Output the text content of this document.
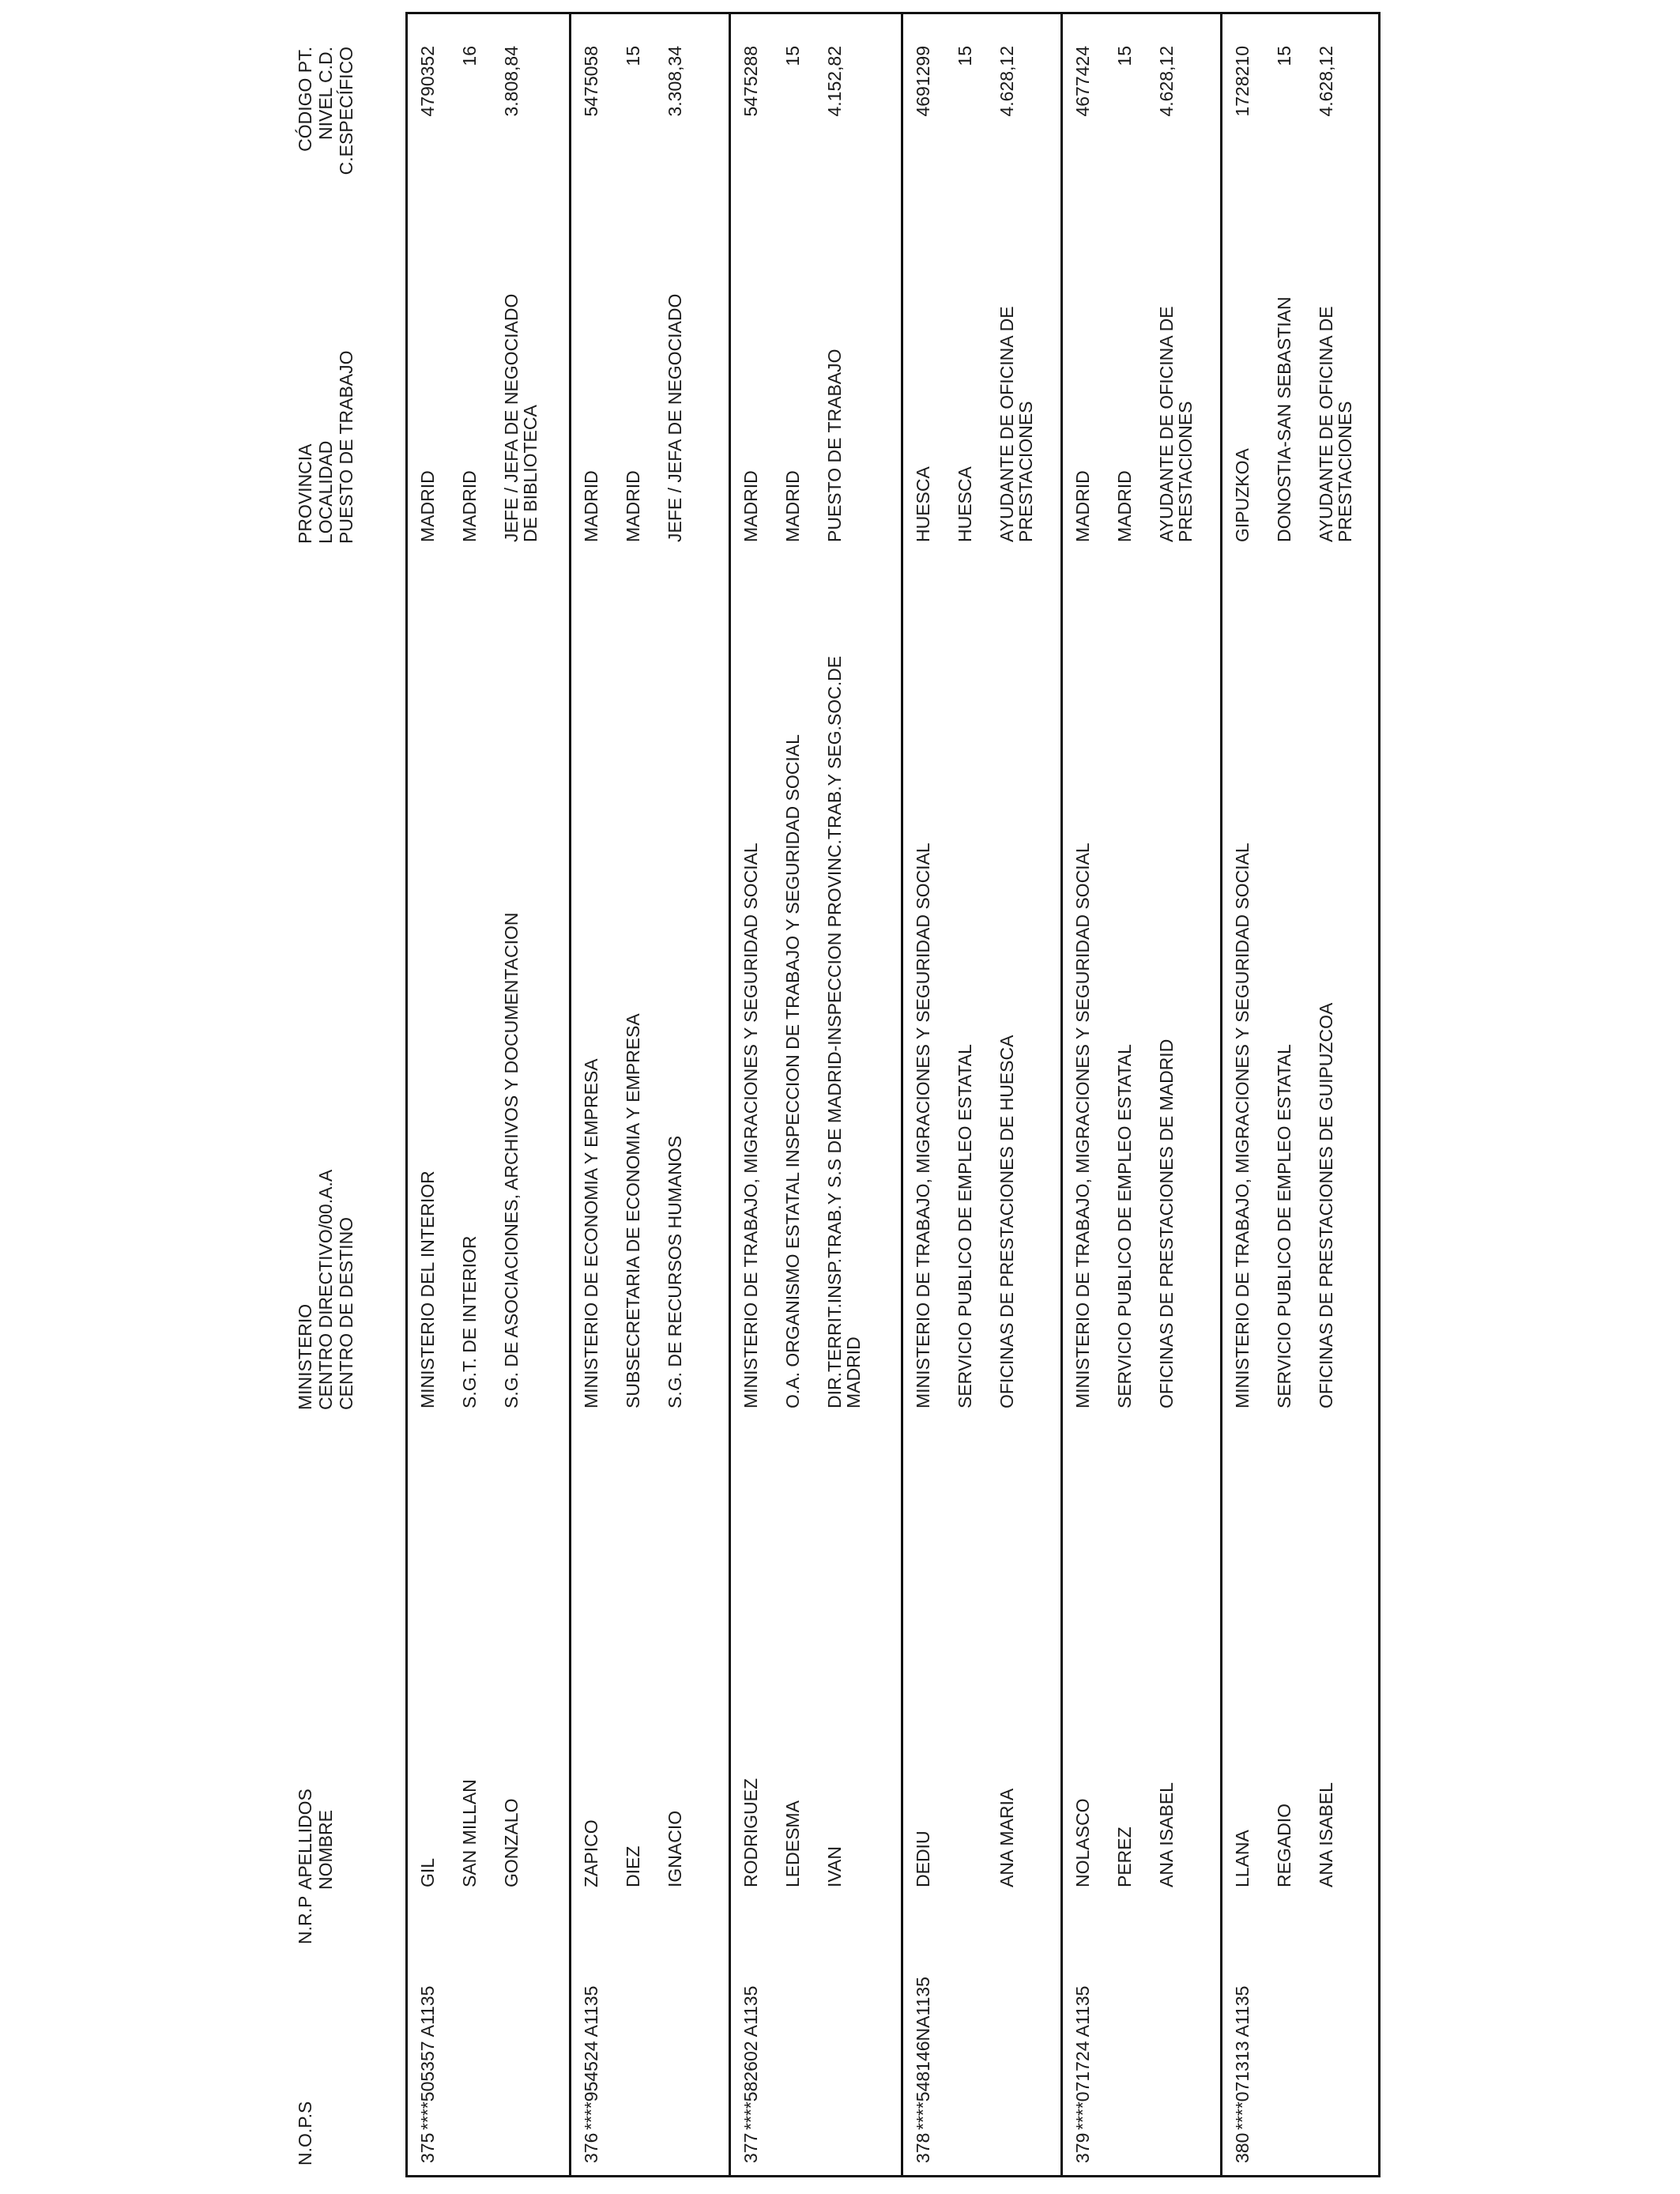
N.O.P.S
N.R.P
APELLIDOS NOMBRE
MINISTERIO CENTRO DIRECTIVO/00.A.A CENTRO DE DESTINO
PROVINCIA LOCALIDAD PUESTO DE TRABAJO
CÓDIGO PT. NIVEL C.D. C.ESPECÍFICO
375
****505357 A1135
GIL SAN MILLAN GONZALO
MINISTERIO DEL INTERIOR S.G.T. DE INTERIOR S.G. DE ASOCIACIONES, ARCHIVOS Y DOCUMENTACION
MADRID MADRID JEFE / JEFA DE NEGOCIADO DE BIBLIOTECA
4790352 16 3.808,84
376
****954524 A1135
ZAPICO DIEZ IGNACIO
MINISTERIO DE ECONOMIA Y EMPRESA SUBSECRETARIA DE ECONOMIA Y EMPRESA S.G. DE RECURSOS HUMANOS
MADRID MADRID JEFE / JEFA DE NEGOCIADO
5475058 15 3.308,34
377
****582602 A1135
RODRIGUEZ LEDESMA IVAN
MINISTERIO DE TRABAJO, MIGRACIONES Y SEGURIDAD SOCIAL O.A. ORGANISMO ESTATAL INSPECCION DE TRABAJO Y SEGURIDAD SOCIAL DIR.TERRIT.INSP.TRAB.Y S.S DE MADRID-INSPECCION PROVINC.TRAB.Y SEG.SOC.DE MADRID
MADRID MADRID PUESTO DE TRABAJO
5475288 15 4.152,82
378
****548146NA1135
DEDIU	ANA MARIA
MINISTERIO DE TRABAJO, MIGRACIONES Y SEGURIDAD SOCIAL SERVICIO PUBLICO DE EMPLEO ESTATAL OFICINAS DE PRESTACIONES DE HUESCA
HUESCA HUESCA AYUDANTE DE OFICINA DE PRESTACIONES
4691299 15 4.628,12
379
****071724 A1135
NOLASCO PEREZ ANA ISABEL
MINISTERIO DE TRABAJO, MIGRACIONES Y SEGURIDAD SOCIAL SERVICIO PUBLICO DE EMPLEO ESTATAL OFICINAS DE PRESTACIONES DE MADRID
MADRID MADRID AYUDANTE DE OFICINA DE PRESTACIONES
4677424 15 4.628,12
380
****071313 A1135
LLANA REGADIO ANA ISABEL
MINISTERIO DE TRABAJO, MIGRACIONES Y SEGURIDAD SOCIAL SERVICIO PUBLICO DE EMPLEO ESTATAL OFICINAS DE PRESTACIONES DE GUIPUZCOA
GIPUZKOA DONOSTIA-SAN SEBASTIAN AYUDANTE DE OFICINA DE PRESTACIONES
1728210 15 4.628,12
